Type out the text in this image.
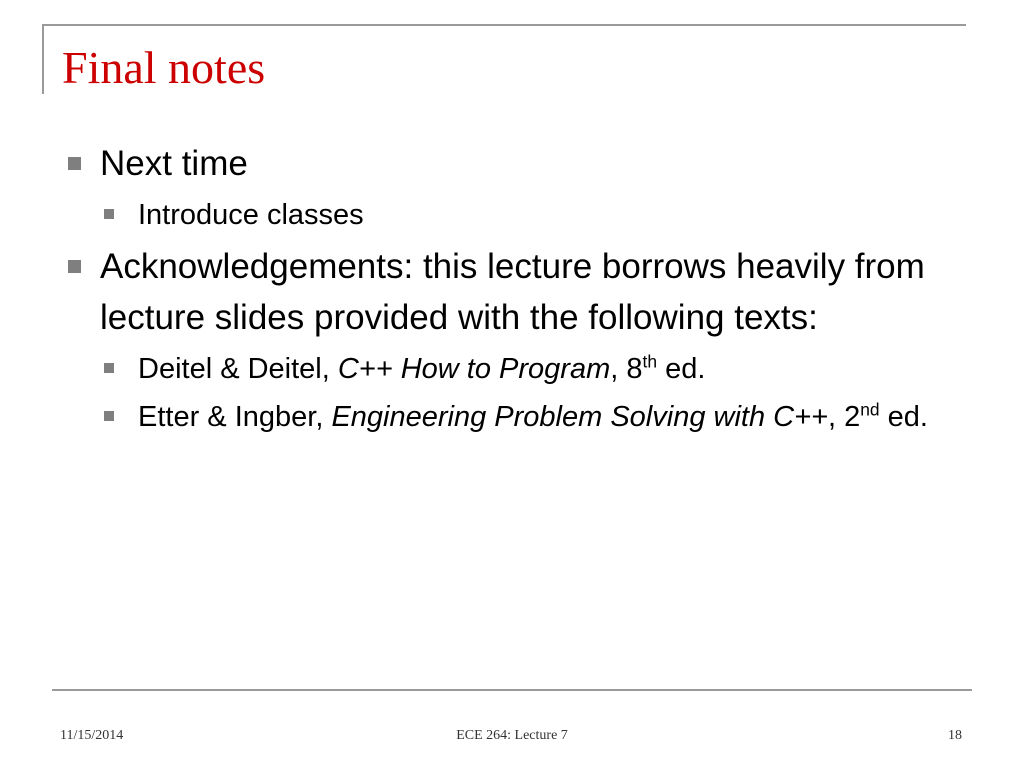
Final notes

Next time

Introduce classes

Acknowledgements: this lecture borrows heavily from lecture slides provided with the following texts:

Deitel & Deitel, C++ How to Program, 8th ed.

Etter & Ingber, Engineering Problem Solving with C++, 2nd ed.

11/15/2014	ECE 264: Lecture 7	18
